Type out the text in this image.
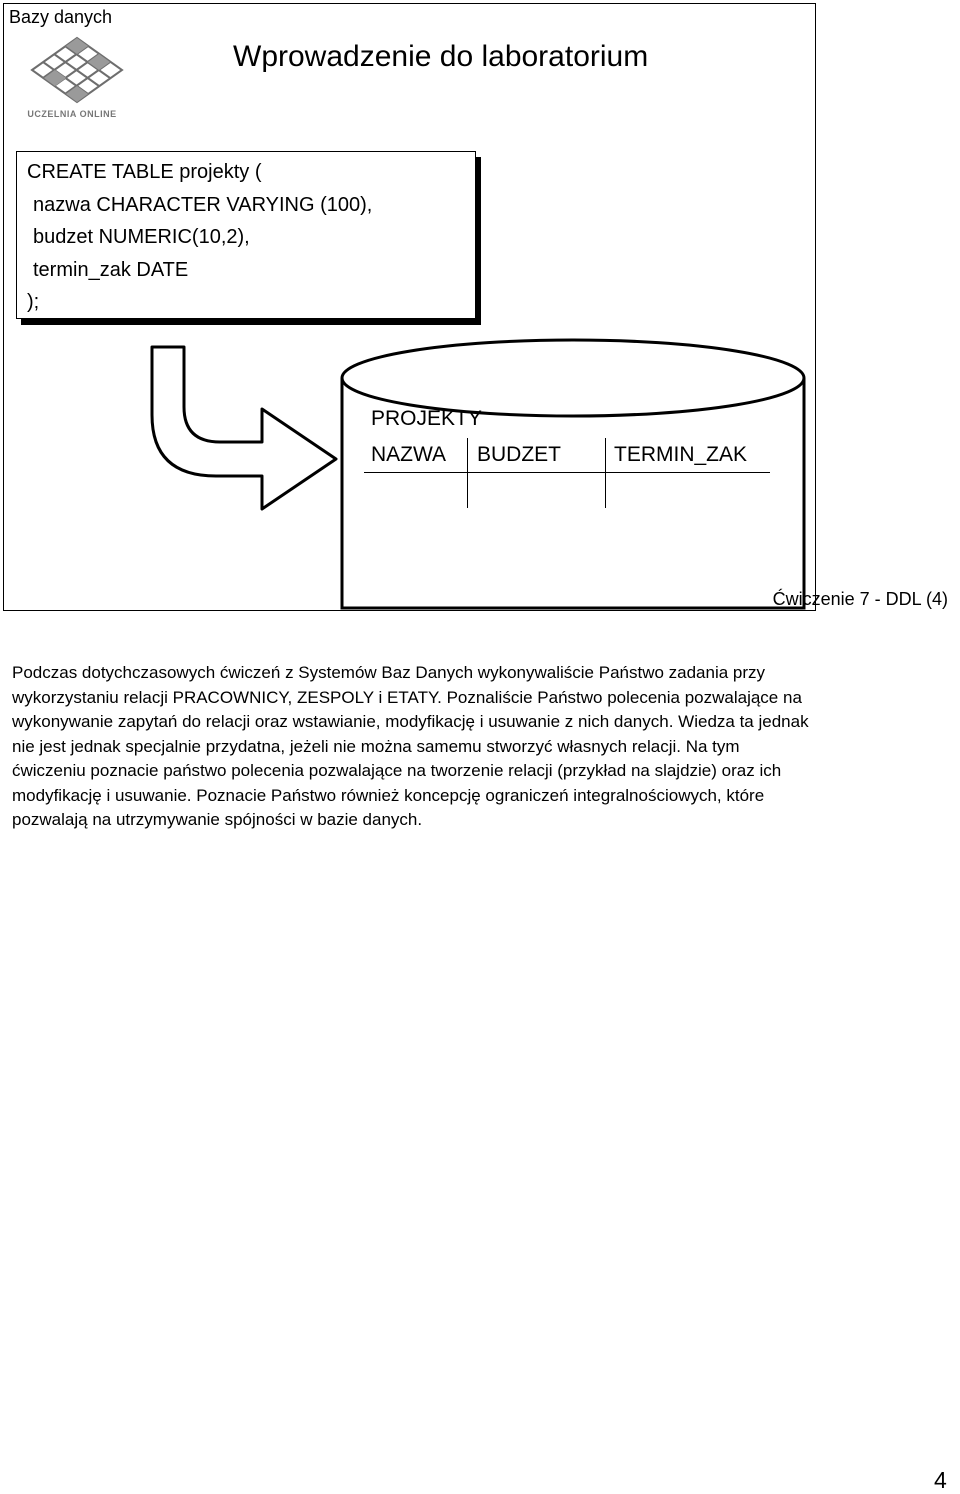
Bazy danych
Wprowadzenie do laboratorium
UCZELNIA ONLINE
CREATE TABLE projekty (
nazwa CHARACTER VARYING (100),
budzet NUMERIC(10,2),
termin_zak DATE
);
PROJEKTY
NAZWA BUDZET	TERMIN_ZAK
Ćwiczenie 7 - DDL (4)

Podczas dotychczasowych ćwiczeń z Systemów Baz Danych wykonywaliście Państwo zadania przy wykorzystaniu relacji PRACOWNICY, ZESPOLY i ETATY. Poznaliście Państwo polecenia pozwalające na wykonywanie zapytań do relacji oraz wstawianie, modyfikację i usuwanie z nich danych. Wiedza ta jednak nie jest jednak specjalnie przydatna, jeżeli nie można samemu stworzyć własnych relacji. Na tym ćwiczeniu poznacie państwo polecenia pozwalające na tworzenie relacji (przykład na slajdzie) oraz ich modyfikację i usuwanie. Poznacie Państwo również koncepcję ograniczeń integralnościowych, które pozwalają na utrzymywanie spójności w bazie danych.

4
